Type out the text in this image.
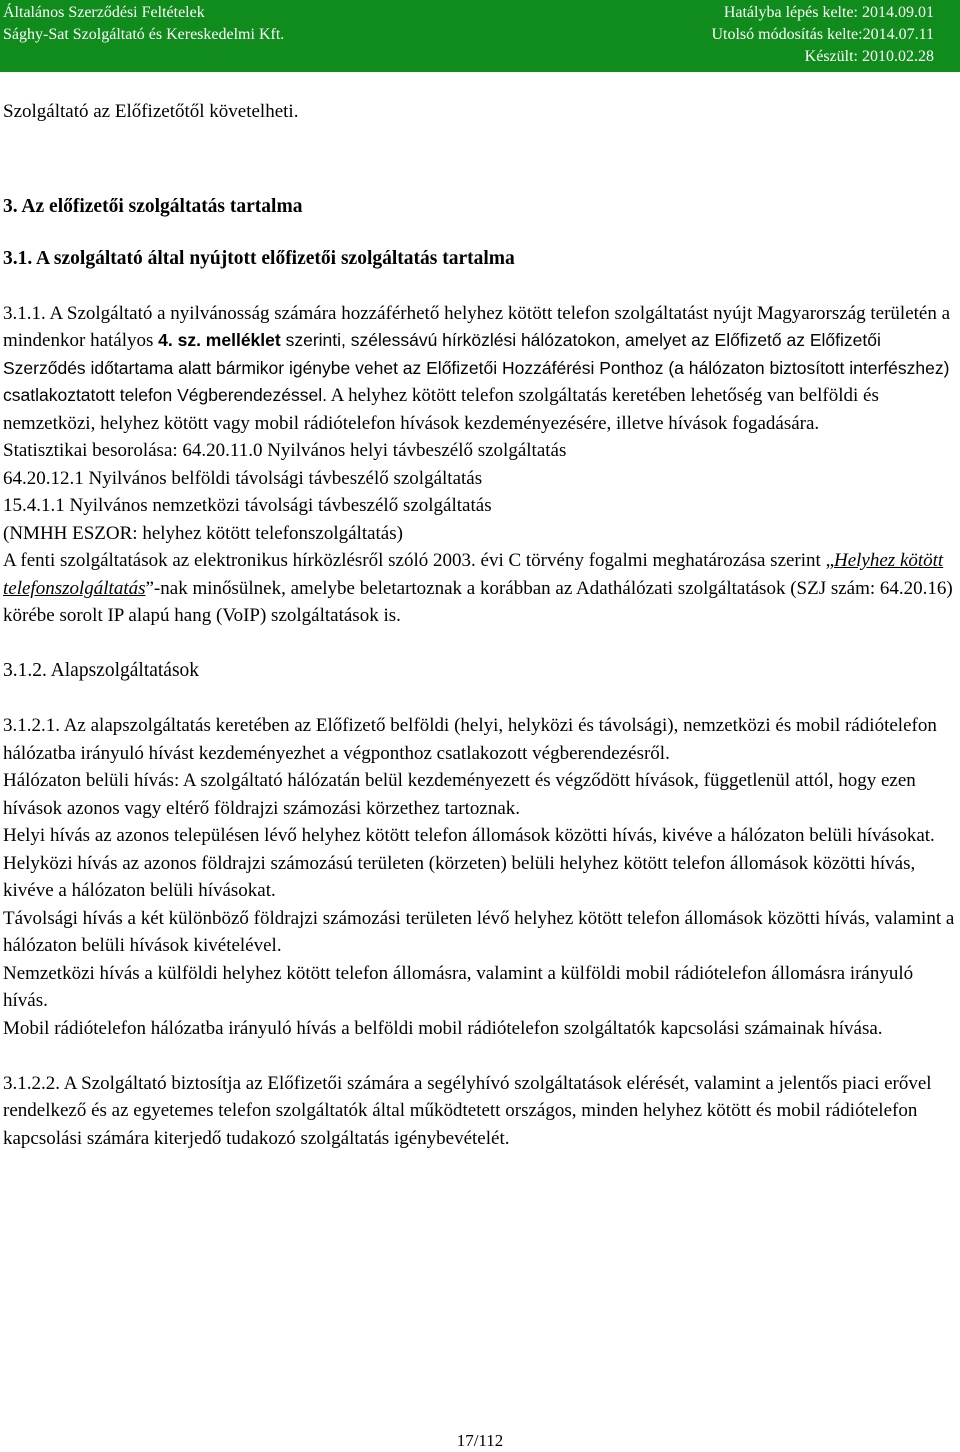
Általános Szerződési Feltételek
Sághy-Sat Szolgáltató és Kereskedelmi Kft.
Hatályba lépés kelte: 2014.09.01
Utolsó módosítás kelte:2014.07.11
Készült: 2010.02.28

Szolgáltató az Előfizetőtől követelheti.

3. Az előfizetői szolgáltatás tartalma

3.1. A szolgáltató által nyújtott előfizetői szolgáltatás tartalma

3.1.1. A Szolgáltató a nyilvánosság számára hozzáférhető helyhez kötött telefon szolgáltatást nyújt Magyarország területén a mindenkor hatályos 4. sz. melléklet szerinti, szélessávú hírközlési hálózatokon, amelyet az Előfizető az Előfizetői Szerződés időtartama alatt bármikor igénybe vehet az Előfizetői Hozzáférési Ponthoz (a hálózaton biztosított interfészhez) csatlakoztatott telefon Végberendezéssel. A helyhez kötött telefon szolgáltatás keretében lehetőség van belföldi és nemzetközi, helyhez kötött vagy mobil rádiótelefon hívások kezdeményezésére, illetve hívások fogadására.

Statisztikai besorolása: 64.20.11.0 Nyilvános helyi távbeszélő szolgáltatás

64.20.12.1 Nyilvános belföldi távolsági távbeszélő szolgáltatás

15.4.1.1 Nyilvános nemzetközi távolsági távbeszélő szolgáltatás

(NMHH ESZOR: helyhez kötött telefonszolgáltatás)

A fenti szolgáltatások az elektronikus hírközlésről szóló 2003. évi C törvény fogalmi meghatározása szerint „Helyhez kötött telefonszolgáltatás”-nak minősülnek, amelybe beletartoznak a korábban az Adathálózati szolgáltatások (SZJ szám: 64.20.16) körébe sorolt IP alapú hang (VoIP) szolgáltatások is.

3.1.2. Alapszolgáltatások

3.1.2.1. Az alapszolgáltatás keretében az Előfizető belföldi (helyi, helyközi és távolsági), nemzetközi és mobil rádiótelefon hálózatba irányuló hívást kezdeményezhet a végponthoz csatlakozott végberendezésről.

Hálózaton belüli hívás: A szolgáltató hálózatán belül kezdeményezett és végződött hívások, függetlenül attól, hogy ezen hívások azonos vagy eltérő földrajzi számozási körzethez tartoznak.

Helyi hívás az azonos településen lévő helyhez kötött telefon állomások közötti hívás, kivéve a hálózaton belüli hívásokat.

Helyközi hívás az azonos földrajzi számozású területen (körzeten) belüli helyhez kötött telefon állomások közötti hívás, kivéve a hálózaton belüli hívásokat.

Távolsági hívás a két különböző földrajzi számozási területen lévő helyhez kötött telefon állomások közötti hívás, valamint a hálózaton belüli hívások kivételével.

Nemzetközi hívás a külföldi helyhez kötött telefon állomásra, valamint a külföldi mobil rádiótelefon állomásra irányuló hívás.

Mobil rádiótelefon hálózatba irányuló hívás a belföldi mobil rádiótelefon szolgáltatók kapcsolási számainak hívása.

3.1.2.2. A Szolgáltató biztosítja az Előfizetői számára a segélyhívó szolgáltatások elérését, valamint a jelentős piaci erővel rendelkező és az egyetemes telefon szolgáltatók által működtetett országos, minden helyhez kötött és mobil rádiótelefon kapcsolási számára kiterjedő tudakozó szolgáltatás igénybevételét.

17/112
